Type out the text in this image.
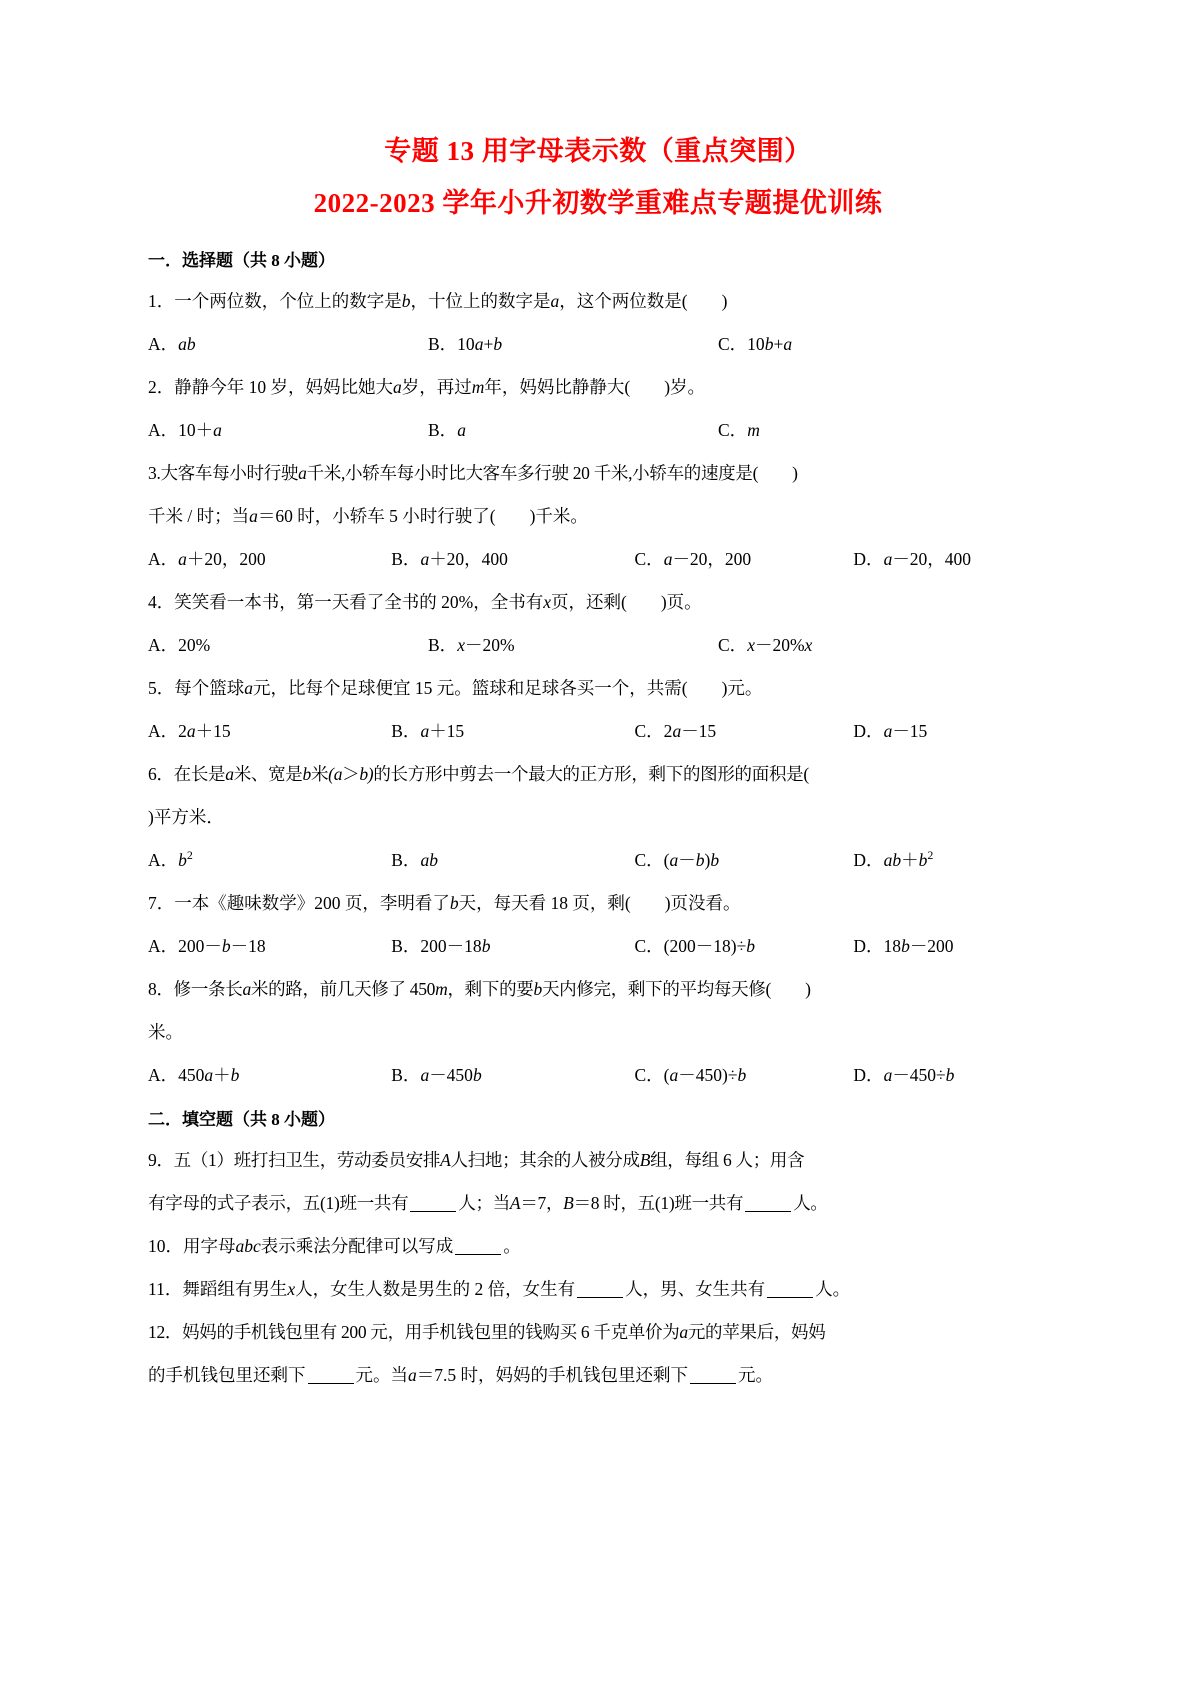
专题 13 用字母表示数（重点突围）
2022-2023 学年小升初数学重难点专题提优训练
一．选择题（共 8 小题）
1．一个两位数，个位上的数字是b，十位上的数字是a，这个两位数是( )
A．ab	B．10a+b	C．10b+a
2．静静今年 10 岁，妈妈比她大a岁，再过m年，妈妈比静静大( )岁。
A．10＋a	B．a	C．m
3.大客车每小时行驶a千米,小轿车每小时比大客车多行驶 20 千米,小轿车的速度是( )
千米 / 时；当a＝60 时，小轿车 5 小时行驶了( )千米。
A．a＋20，200	B．a＋20，400	C．a－20，200	D．a－20，400
4．笑笑看一本书，第一天看了全书的 20%，全书有x页，还剩( )页。
A．20%	B．x－20%	C．x－20%x
5．每个篮球a元，比每个足球便宜 15 元。篮球和足球各买一个，共需( )元。
A．2a＋15	B．a＋15	C．2a－15	D．a－15
6．在长是a米、宽是b米(a＞b)的长方形中剪去一个最大的正方形，剩下的图形的面积是(
)平方米．
A．$b^2$	B．ab	C．(a－b)b	D．$ab+b^2$
7．一本《趣味数学》200 页，李明看了b天，每天看 18 页，剩( )页没看。
A．200－b－18	B．200－18b	C．(200－18)÷b	D．18b－200
8．修一条长a米的路，前几天修了 450m，剩下的要b天内修完，剩下的平均每天修( )
米。
A．450a＋b	B．a－450b	C．(a－450)÷b	D．a－450÷b
二．填空题（共 8 小题）
9．五（1）班打扫卫生，劳动委员安排A人扫地；其余的人被分成B组，每组 6 人；用含
有字母的式子表示，五(1)班一共有	人；当A＝7，B＝8 时，五(1)班一共有	人。
10．用字母abc表示乘法分配律可以写成	。
11．舞蹈组有男生x人，女生人数是男生的 2 倍，女生有	人，男、女生共有	人。
12．妈妈的手机钱包里有 200 元，用手机钱包里的钱购买 6 千克单价为a元的苹果后，妈妈
的手机钱包里还剩下	元。当a＝7.5 时，妈妈的手机钱包里还剩下	元。
